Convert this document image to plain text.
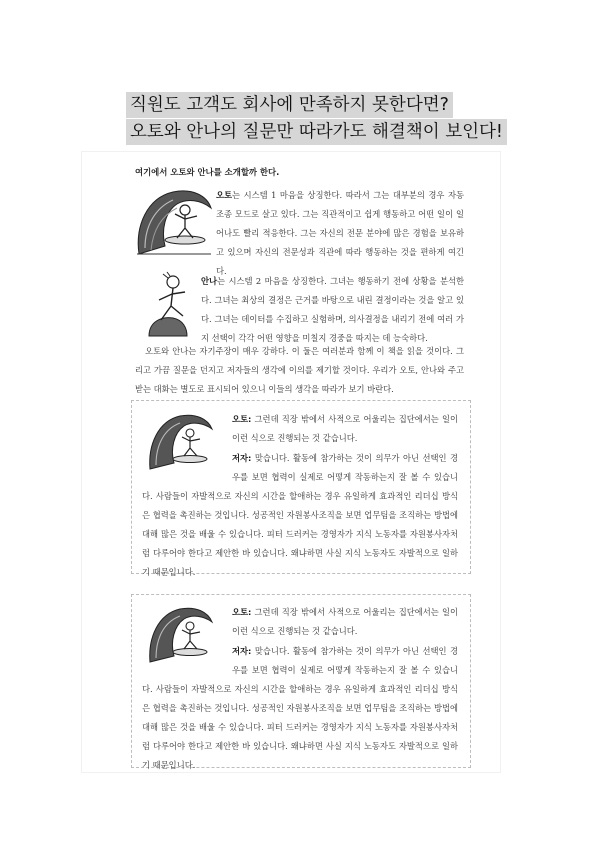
직원도 고객도 회사에 만족하지 못한다면?
오토와 안나의 질문만 따라가도 해결책이 보인다!
여기에서 오토와 안나를 소개할까 한다.
오토는 시스템 1 마음을 상징한다. 따라서 그는 대부분의 경우 자동조종 모드로 살고 있다. 그는 직관적이고 쉽게 행동하고 어떤 일이 일어나도 빨리 적응한다. 그는 자신의 전문 분야에 많은 경험을 보유하고 있으며 자신의 전문성과 직관에 따라 행동하는 것을 편하게 여긴다.
안나는 시스템 2 마음을 상징한다. 그녀는 행동하기 전에 상황을 분석한다. 그녀는 최상의 결정은 근거를 바탕으로 내린 결정이라는 것을 알고 있다. 그녀는 데이터를 수집하고 실험하며, 의사결정을 내리기 전에 여러 가지 선택이 각각 어떤 영향을 미칠지 경중을 따지는 데 능숙하다.
오토와 안나는 자기주장이 매우 강하다. 이 둘은 여러분과 함께 이 책을 읽을 것이다. 그리고 가끔 질문을 던지고 저자들의 생각에 이의를 제기할 것이다. 우리가 오토, 안나와 주고받는 대화는 별도로 표시되어 있으니 이들의 생각을 따라가 보기 바란다.
오토: 그런데 직장 밖에서 사적으로 어울리는 집단에서는 일이 이런 식으로 진행되는 것 같습니다.
저자: 맞습니다. 활동에 참가하는 것이 의무가 아닌 선택인 경우를 보면 협력이 실제로 어떻게 작동하는지 잘 볼 수 있습니다. 사람들이 자발적으로 자신의 시간을 할애하는 경우 유일하게 효과적인 리더십 방식은 협력을 촉진하는 것입니다. 성공적인 자원봉사조직을 보면 업무팀을 조직하는 방법에 대해 많은 것을 배울 수 있습니다. 피터 드러커는 경영자가 지식 노동자를 자원봉사자처럼 다루어야 한다고 제안한 바 있습니다. 왜냐하면 사실 지식 노동자도 자발적으로 일하기 때문입니다.
오토: 그런데 직장 밖에서 사적으로 어울리는 집단에서는 일이 이런 식으로 진행되는 것 같습니다.
저자: 맞습니다. 활동에 참가하는 것이 의무가 아닌 선택인 경우를 보면 협력이 실제로 어떻게 작동하는지 잘 볼 수 있습니다. 사람들이 자발적으로 자신의 시간을 할애하는 경우 유일하게 효과적인 리더십 방식은 협력을 촉진하는 것입니다. 성공적인 자원봉사조직을 보면 업무팀을 조직하는 방법에 대해 많은 것을 배울 수 있습니다. 피터 드러커는 경영자가 지식 노동자를 자원봉사자처럼 다루어야 한다고 제안한 바 있습니다. 왜냐하면 사실 지식 노동자도 자발적으로 일하기 때문입니다.
